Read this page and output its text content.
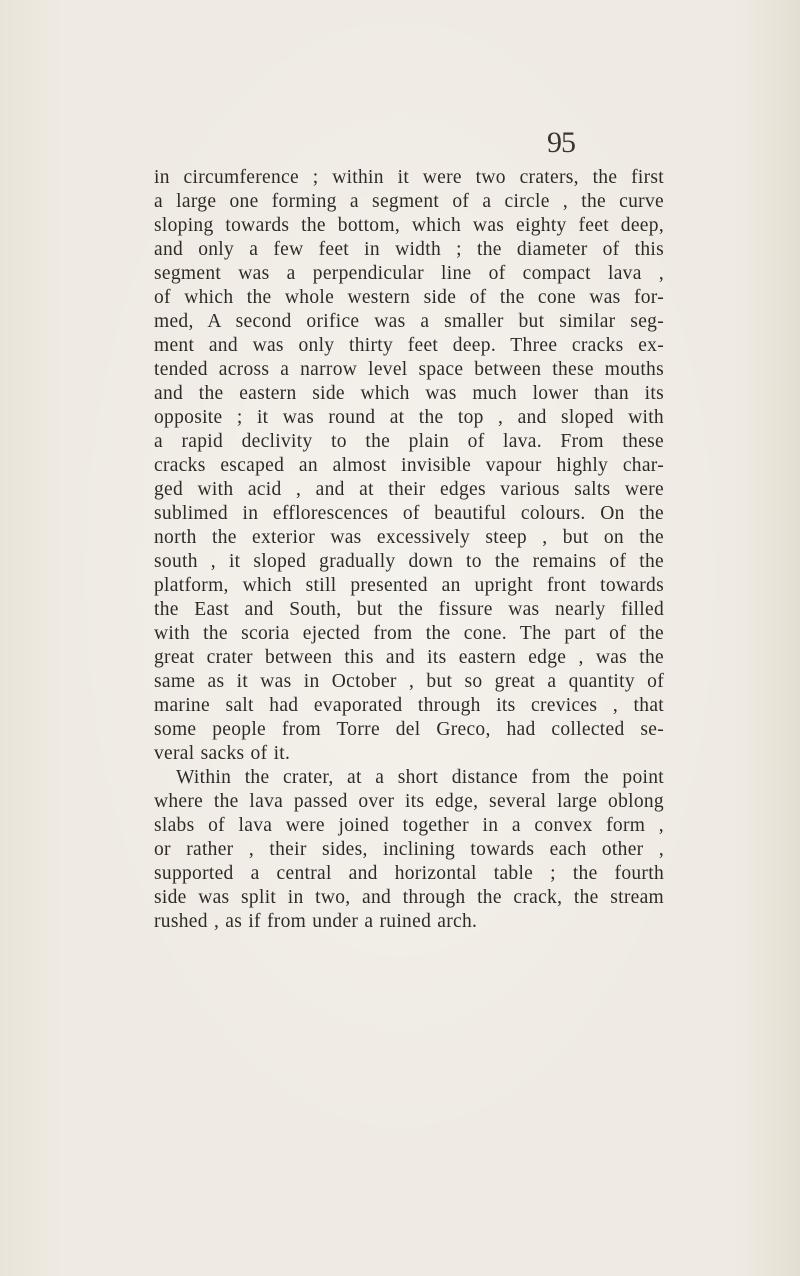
95
in circumference ; within it were two craters, the first
a large one forming a segment of a circle , the curve
sloping towards the bottom, which was eighty feet deep,
and only a few feet in width ; the diameter of this
segment was a perpendicular line of compact lava ,
of which the whole western side of the cone was for-
med, A second orifice was a smaller but similar seg-
ment and was only thirty feet deep. Three cracks ex-
tended across a narrow level space between these mouths
and the eastern side which was much lower than its
opposite ; it was round at the top , and sloped with
a rapid declivity to the plain of lava. From these
cracks escaped an almost invisible vapour highly char-
ged with acid , and at their edges various salts were
sublimed in efflorescences of beautiful colours. On the
north the exterior was excessively steep , but on the
south , it sloped gradually down to the remains of the
platform, which still presented an upright front towards
the East and South, but the fissure was nearly filled
with the scoria ejected from the cone. The part of the
great crater between this and its eastern edge , was the
same as it was in October , but so great a quantity of
marine salt had evaporated through its crevices , that
some people from Torre del Greco, had collected se-
veral sacks of it.
Within the crater, at a short distance from the point
where the lava passed over its edge, several large oblong
slabs of lava were joined together in a convex form ,
or rather , their sides, inclining towards each other ,
supported a central and horizontal table ; the fourth
side was split in two, and through the crack, the stream
rushed , as if from under a ruined arch.
